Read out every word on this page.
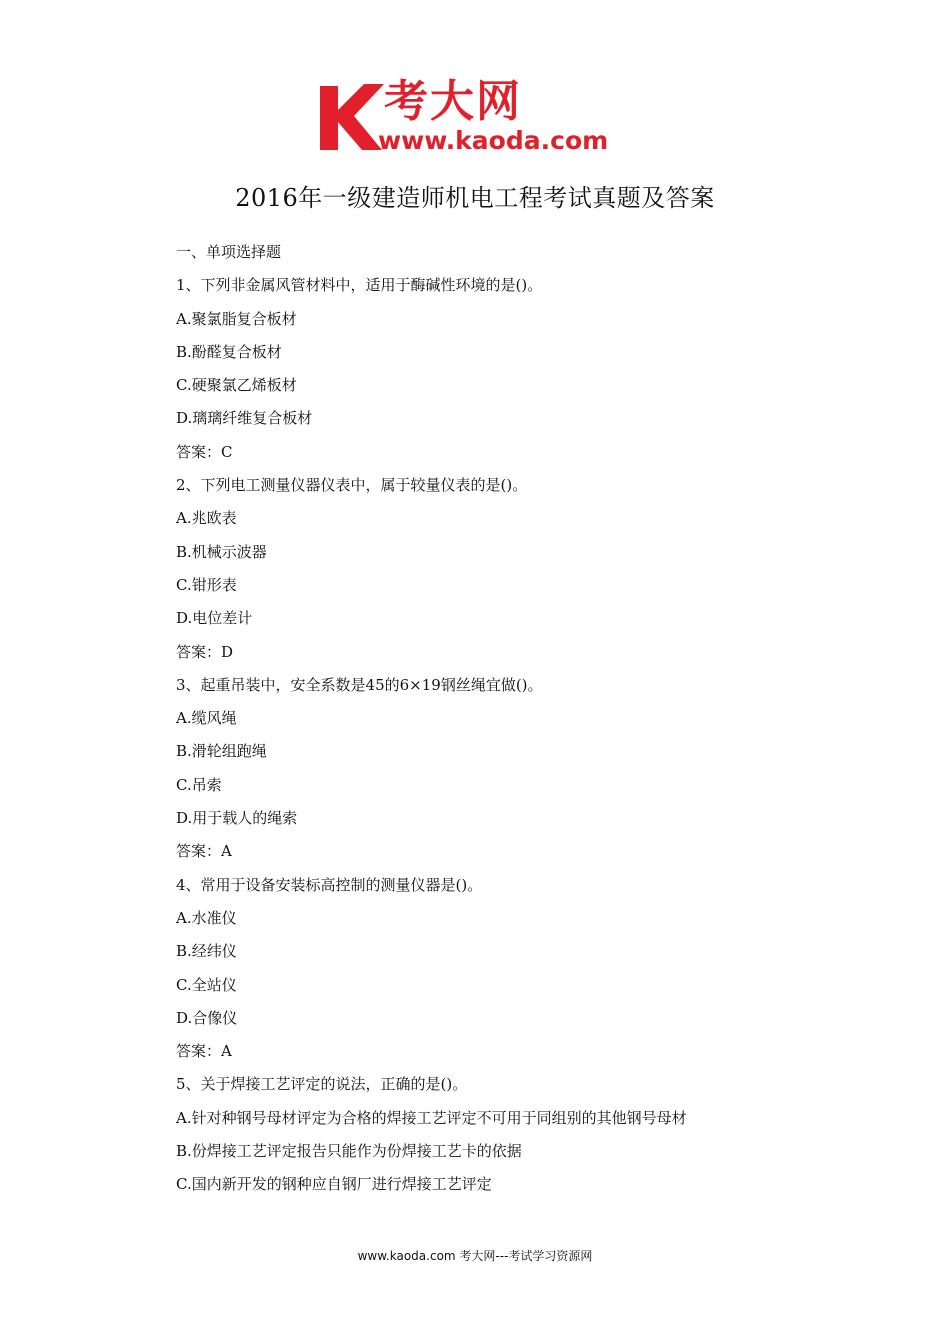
考大网
www.kaoda.com
2016年一级建造师机电工程考试真题及答案
一、单项选择题
1、下列非金属风管材料中，适用于酶碱性环境的是()。
A.聚氯脂复合板材
B.酚醛复合板材
C.硬聚氯乙烯板材
D.璃璃纤维复合板材
答案：C
2、下列电工测量仪器仪表中，属于较量仪表的是()。
A.兆欧表
B.机械示波器
C.钳形表
D.电位差计
答案：D
3、起重吊装中，安全系数是45的6×19钢丝绳宜做()。
A.缆风绳
B.滑轮组跑绳
C.吊索
D.用于载人的绳索
答案：A
4、常用于设备安装标高控制的测量仪器是()。
A.水准仪
B.经纬仪
C.全站仪
D.合像仪
答案：A
5、关于焊接工艺评定的说法，正确的是()。
A.针对种钢号母材评定为合格的焊接工艺评定不可用于同组别的其他钢号母材
B.份焊接工艺评定报告只能作为份焊接工艺卡的依据
C.国内新开发的钢种应自钢厂进行焊接工艺评定
www.kaoda.com 考大网---考试学习资源网
